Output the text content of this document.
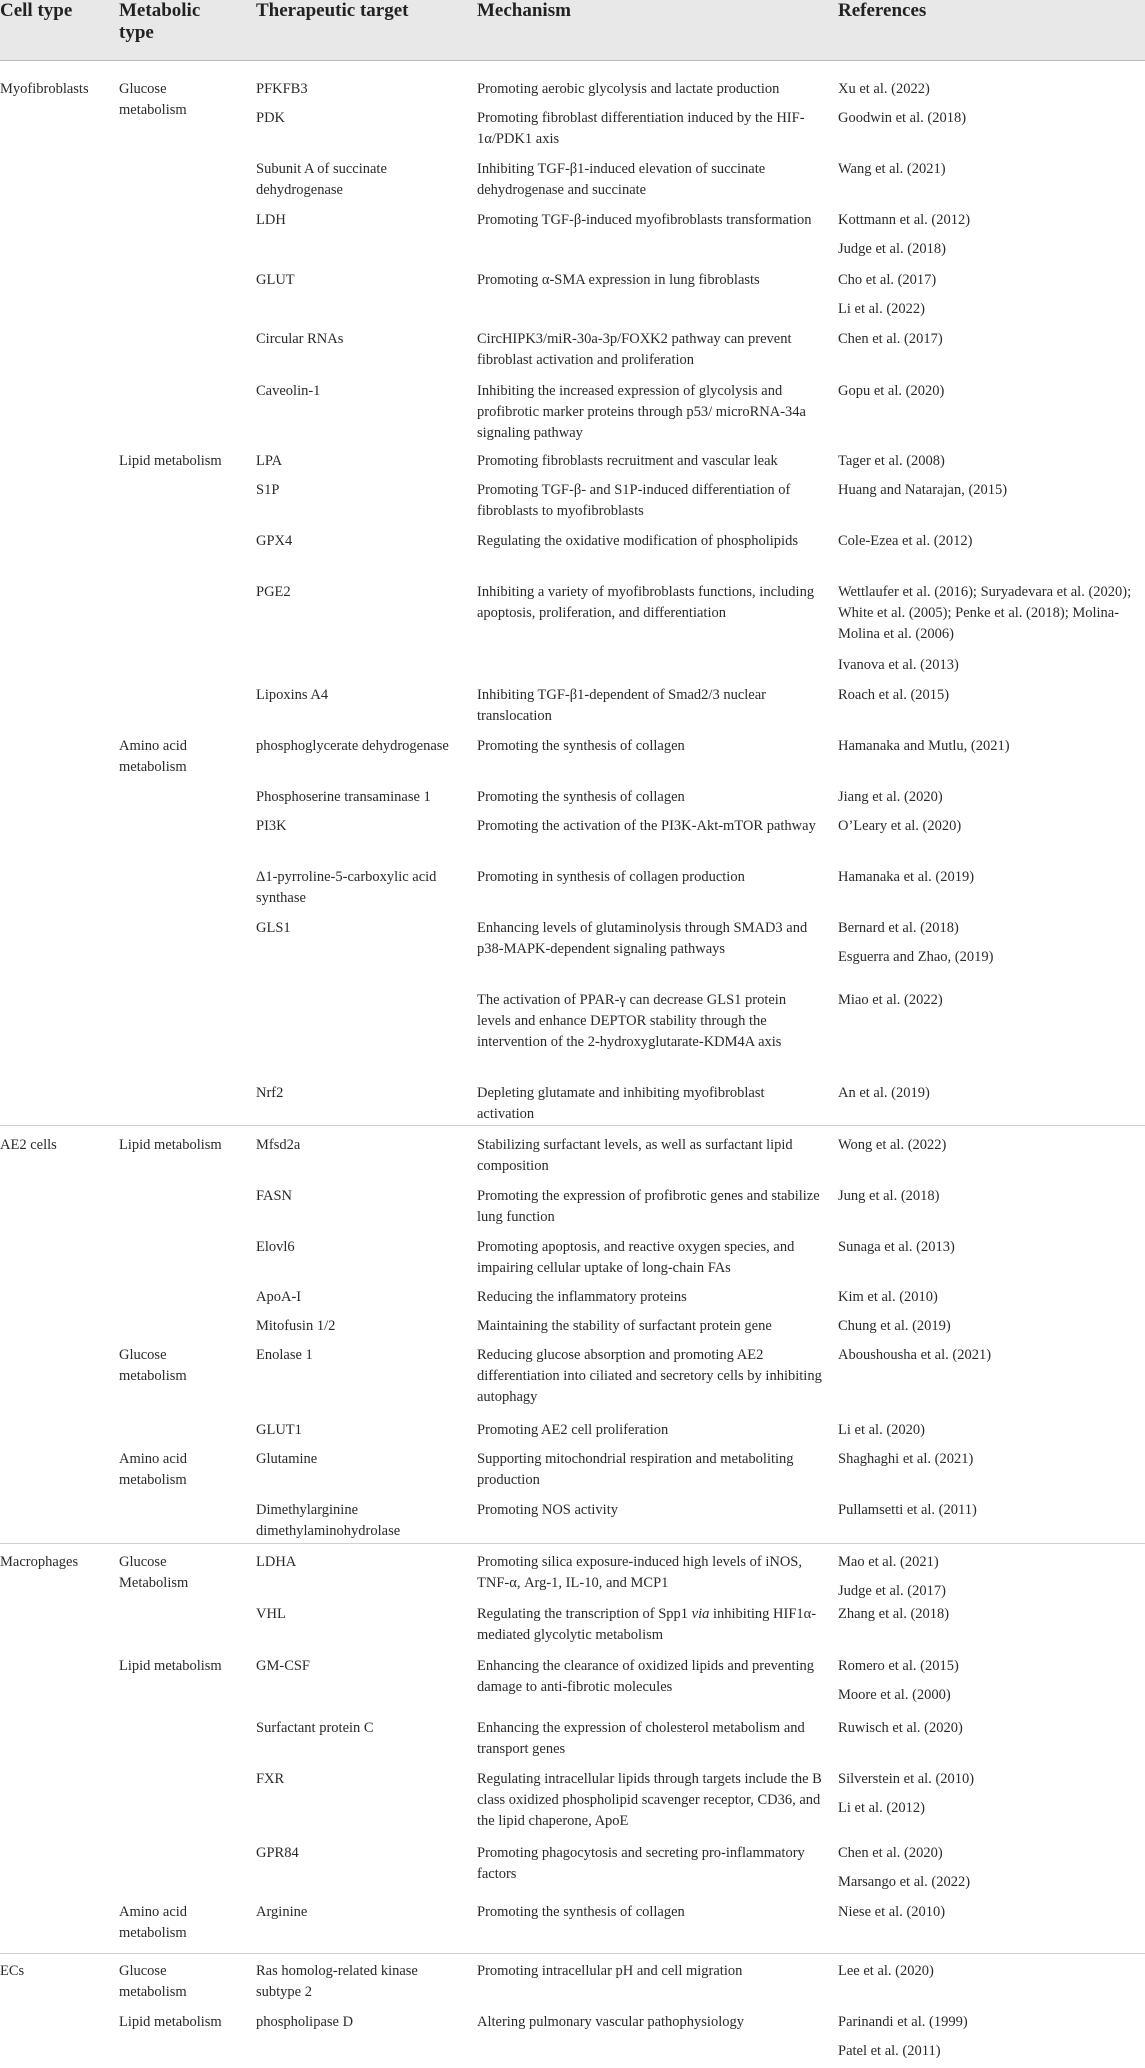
Cell type Metabolic type
Therapeutic target	Mechanism	References
Myofibroblasts
AE2 cells
Macrophages
ECs
Glucose metabolism
Lipid metabolism
Amino acid metabolism
Lipid metabolism
Glucose metabolism
Amino acid metabolism
Glucose Metabolism
Lipid metabolism
Amino acid metabolism
Glucose metabolism
Lipid metabolism
PFKFB3
PDK
Subunit A of succinate dehydrogenase
LDH
GLUT
Circular RNAs
Caveolin-1
LPA
S1P
GPX4
PGE2
Lipoxins A4
phosphoglycerate dehydrogenase
Phosphoserine transaminase 1
PI3K
Δ1-pyrroline-5-carboxylic acid synthase
GLS1
Nrf2
Mfsd2a
FASN
Elovl6
ApoA-I
Mitofusin 1/2
Enolase 1
GLUT1
Glutamine
Dimethylarginine dimethylaminohydrolase
LDHA
VHL
GM-CSF
Surfactant protein C
FXR
GPR84
Arginine
Ras homolog-related kinase subtype 2
phospholipase D
Promoting aerobic glycolysis and lactate production
Promoting fibroblast differentiation induced by the HIF-1α/PDK1 axis
Inhibiting TGF-β1-induced elevation of succinate dehydrogenase and succinate
Promoting TGF-β-induced myofibroblasts transformation
Promoting α-SMA expression in lung fibroblasts
CircHIPK3/miR-30a-3p/FOXK2 pathway can prevent fibroblast activation and proliferation
Inhibiting the increased expression of glycolysis and profibrotic marker proteins through p53/ microRNA-34a signaling pathway
Promoting fibroblasts recruitment and vascular leak
Promoting TGF-β- and S1P-induced differentiation of fibroblasts to myofibroblasts
Regulating the oxidative modification of phospholipids
Inhibiting a variety of myofibroblasts functions, including apoptosis, proliferation, and differentiation
Inhibiting TGF-β1-dependent of Smad2/3 nuclear translocation
Promoting the synthesis of collagen
Promoting the synthesis of collagen
Promoting the activation of the PI3K-Akt-mTOR pathway
Promoting in synthesis of collagen production
Enhancing levels of glutaminolysis through SMAD3 and p38-MAPK-dependent signaling pathways
The activation of PPAR-γ can decrease GLS1 protein levels and enhance DEPTOR stability through the intervention of the 2-hydroxyglutarate-KDM4A axis
Depleting glutamate and inhibiting myofibroblast activation
Stabilizing surfactant levels, as well as surfactant lipid composition
Promoting the expression of profibrotic genes and stabilize lung function
Promoting apoptosis, and reactive oxygen species, and impairing cellular uptake of long-chain FAs
Reducing the inflammatory proteins
Maintaining the stability of surfactant protein gene
Reducing glucose absorption and promoting AE2 differentiation into ciliated and secretory cells by inhibiting autophagy
Promoting AE2 cell proliferation
Supporting mitochondrial respiration and metaboliting production
Promoting NOS activity
Promoting silica exposure-induced high levels of iNOS, TNF-α, Arg-1, IL-10, and MCP1
Regulating the transcription of Spp1 via inhibiting HIF1α-mediated glycolytic metabolism
Enhancing the clearance of oxidized lipids and preventing damage to anti-fibrotic molecules
Enhancing the expression of cholesterol metabolism and transport genes
Regulating intracellular lipids through targets include the B class oxidized phospholipid scavenger receptor, CD36, and the lipid chaperone, ApoE
Promoting phagocytosis and secreting pro-inflammatory factors
Promoting the synthesis of collagen
Promoting intracellular pH and cell migration
Altering pulmonary vascular pathophysiology
Xu et al. (2022)
Goodwin et al. (2018)
Wang et al. (2021)
Kottmann et al. (2012)
Judge et al. (2018)
Cho et al. (2017)
Li et al. (2022)
Chen et al. (2017)
Gopu et al. (2020)
Tager et al. (2008)
Huang and Natarajan, (2015)
Cole-Ezea et al. (2012)
Wettlaufer et al. (2016); Suryadevara et al. (2020); White et al. (2005); Penke et al. (2018); Molina-Molina et al. (2006)
Ivanova et al. (2013)
Roach et al. (2015)
Hamanaka and Mutlu, (2021)
Jiang et al. (2020)
O’Leary et al. (2020)
Hamanaka et al. (2019)
Bernard et al. (2018)
Esguerra and Zhao, (2019)
Miao et al. (2022)
An et al. (2019)
Wong et al. (2022)
Jung et al. (2018)
Sunaga et al. (2013)
Kim et al. (2010)
Chung et al. (2019)
Aboushousha et al. (2021)
Li et al. (2020)
Shaghaghi et al. (2021)
Pullamsetti et al. (2011)
Mao et al. (2021)
Judge et al. (2017)
Zhang et al. (2018)
Romero et al. (2015)
Moore et al. (2000)
Ruwisch et al. (2020)
Silverstein et al. (2010)
Li et al. (2012)
Chen et al. (2020)
Marsango et al. (2022)
Niese et al. (2010)
Lee et al. (2020)
Parinandi et al. (1999)
Patel et al. (2011)
